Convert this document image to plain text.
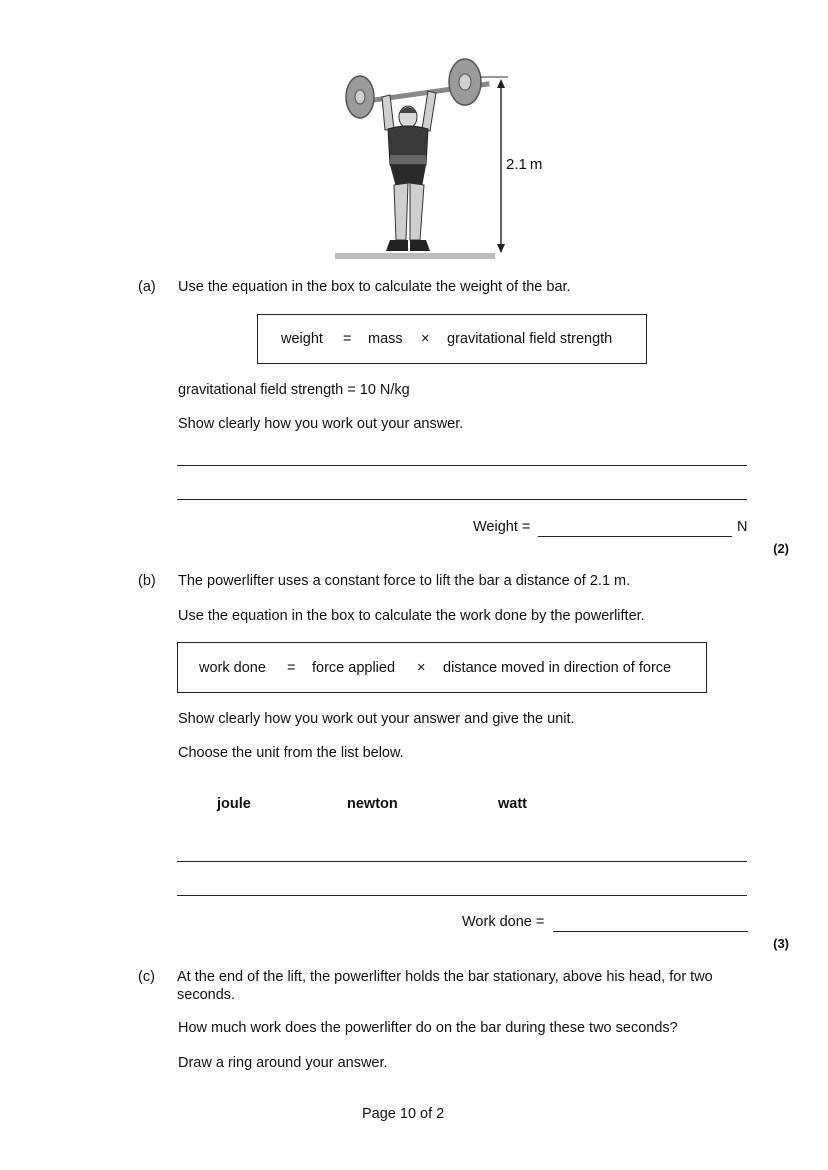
2.1 m
(a) Use the equation in the box to calculate the weight of the bar.
weight = mass × gravitational field strength
gravitational field strength = 10 N/kg
Show clearly how you work out your answer.
Weight =	N
(2)
(b) The powerlifter uses a constant force to lift the bar a distance of 2.1 m.
Use the equation in the box to calculate the work done by the powerlifter.
work done = force applied × distance moved in direction of force
Show clearly how you work out your answer and give the unit.
Choose the unit from the list below.
joule	newton	watt
Work done =
(3)
(c) At the end of the lift, the powerlifter holds the bar stationary, above his head, for two
seconds.
How much work does the powerlifter do on the bar during these two seconds?
Draw a ring around your answer.
Page 10 of 2
